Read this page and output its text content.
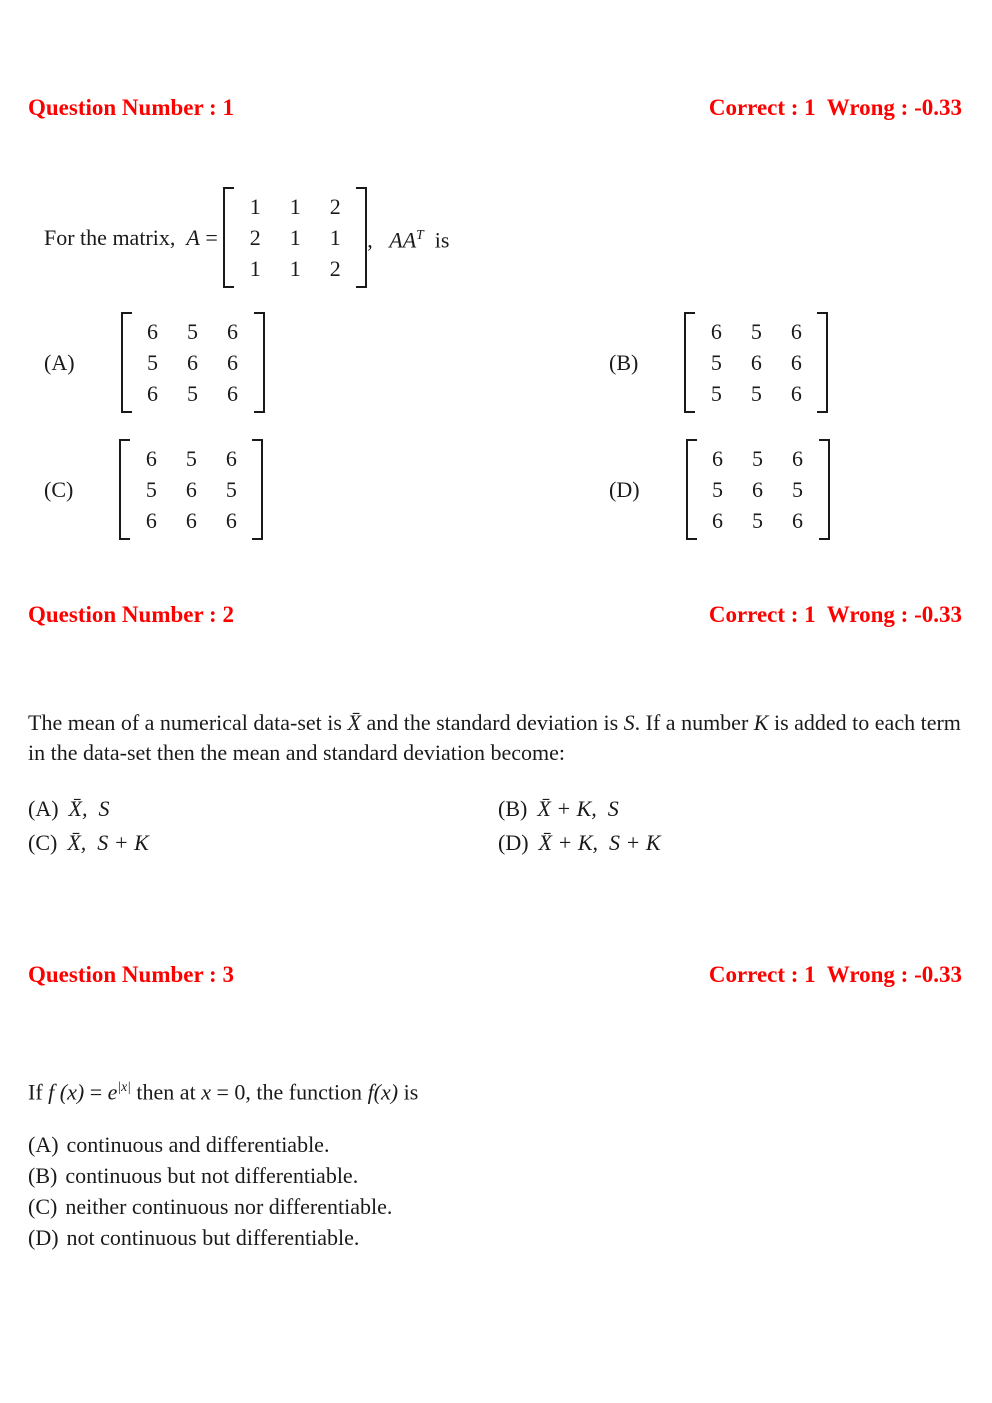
Question Number : 1	Correct : 1  Wrong : -0.33
For the matrix,  A =
1	1	2
2	1	1
1	1	2
,   $AA^T$  is
(A)
6	5	6
5	6	6
6	5	6
(B)
6	5	6
5	6	6
5	5	6
(C)
6	5	6
5	6	5
6	6	6
(D)
6	5	6
5	6	5
6	5	6
Question Number : 2	Correct : 1  Wrong : -0.33

The mean of a numerical data-set is X̄ and the standard deviation is S. If a number K is added to each term in the data-set then the mean and standard deviation become:

(A) X̄,  S	(B) X̄ + K,  S
(C) X̄,  S + K	(D) X̄ + K,  S + K
Question Number : 3	Correct : 1  Wrong : -0.33

If f $(x) = e^{|x|}$ then at x = 0, the function f(x) is

(A) continuous and differentiable.
(B) continuous but not differentiable.
(C) neither continuous nor differentiable.
(D) not continuous but differentiable.
